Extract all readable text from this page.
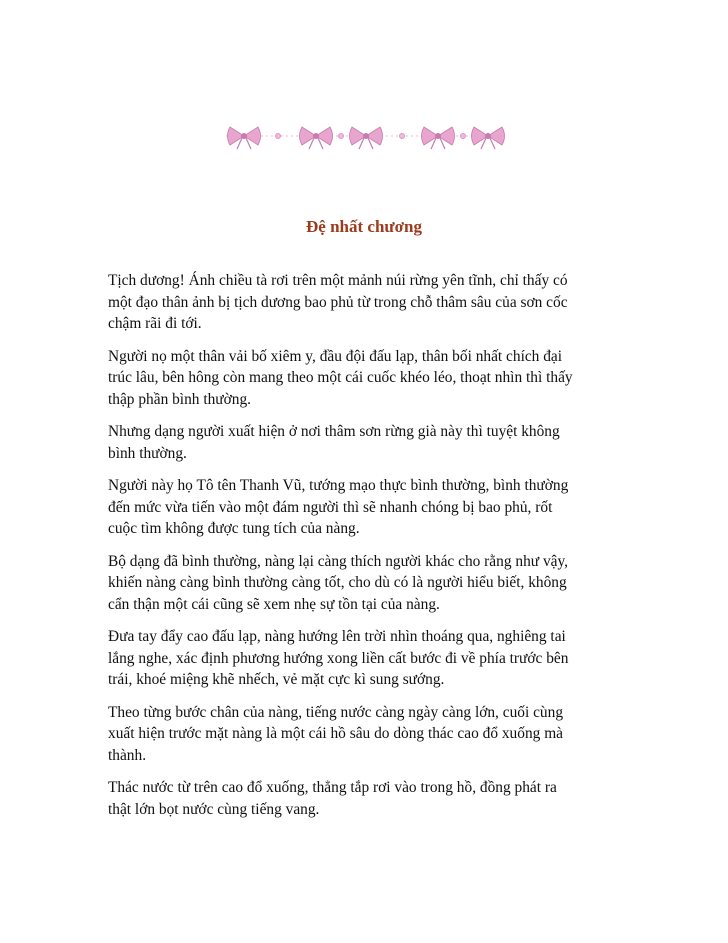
Đệ nhất chương

Tịch dương! Ánh chiều tà rơi trên một mảnh núi rừng yên tĩnh, chỉ thấy có
một đạo thân ảnh bị tịch dương bao phủ từ trong chỗ thâm sâu của sơn cốc
chậm rãi đi tới.

Người nọ một thân vải bố xiêm y, đầu đội đấu lạp, thân bối nhất chích đại
trúc lâu, bên hông còn mang theo một cái cuốc khéo léo, thoạt nhìn thì thấy
thập phần bình thường.

Nhưng dạng người xuất hiện ở nơi thâm sơn rừng già này thì tuyệt không
bình thường.

Người này họ Tô tên Thanh Vũ, tướng mạo thực bình thường, bình thường
đến mức vừa tiến vào một đám người thì sẽ nhanh chóng bị bao phủ, rốt
cuộc tìm không được tung tích của nàng.

Bộ dạng đã bình thường, nàng lại càng thích người khác cho rằng như vậy,
khiến nàng càng bình thường càng tốt, cho dù có là người hiểu biết, không
cẩn thận một cái cũng sẽ xem nhẹ sự tồn tại của nàng.

Đưa tay đẩy cao đấu lạp, nàng hướng lên trời nhìn thoáng qua, nghiêng tai
lắng nghe, xác định phương hướng xong liền cất bước đi về phía trước bên
trái, khoé miệng khẽ nhếch, vẻ mặt cực kì sung sướng.

Theo từng bước chân của nàng, tiếng nước càng ngày càng lớn, cuối cùng
xuất hiện trước mặt nàng là một cái hồ sâu do dòng thác cao đổ xuống mà
thành.

Thác nước từ trên cao đổ xuống, thẳng tắp rơi vào trong hồ, đồng phát ra
thật lớn bọt nước cùng tiếng vang.
